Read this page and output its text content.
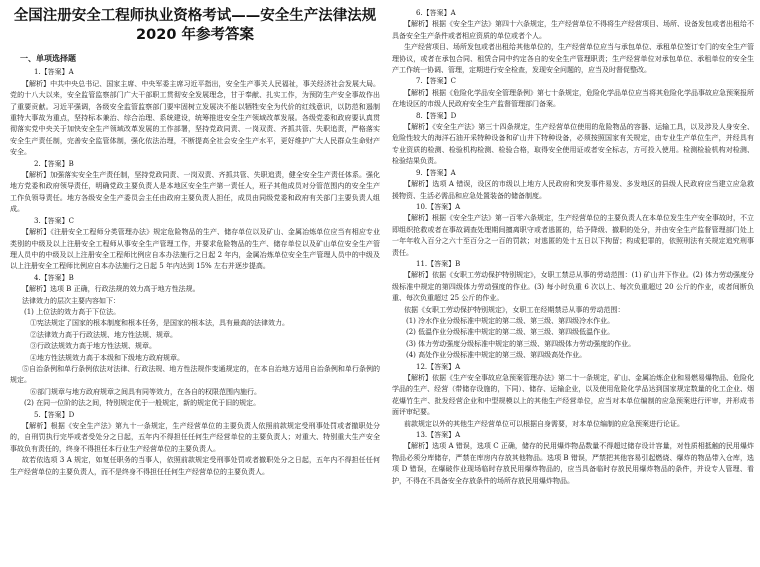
全国注册安全工程师执业资格考试——安全生产法律法规
2020 年参考答案
一、单项选择题
1.【答案】A

【解析】中共中央总书记、国家主席、中央军委主席习近平指出，安全生产事关人民福祉，事关经济社会发展大局。党的十八大以来，安全监管监察部门广大干部职工贯彻安全发展理念，甘于奉献、扎实工作，为预防生产安全事故作出了重要贡献。习近平强调，各级安全监管监察部门要牢固树立发展决不能以牺牲安全为代价的红线意识，以防范和遏制重特大事故为重点，坚持标本兼治、综合治理、系统建设，统筹推进安全生产领域改革发展。各级党委和政府要认真贯彻落实党中央关于加快安全生产领域改革发展的工作部署，坚持党政同责、一岗双责、齐抓共管、失职追责，严格落实安全生产责任制，完善安全监管体制，强化依法治理，不断提高全社会安全生产水平，更好维护广大人民群众生命财产安全。

2.【答案】B

【解析】加强落实安全生产责任制，坚持党政同责、一岗双责、齐抓共管、失职追责，健全安全生产责任体系。强化地方党委和政府领导责任，明确党政主要负责人是本地区安全生产第一责任人，班子其他成员对分管范围内的安全生产工作负领导责任。地方各级安全生产委员会主任由政府主要负责人担任，成员由同级党委和政府有关部门主要负责人组成。

3.【答案】C

【解析】《注册安全工程师分类管理办法》规定危险物品的生产、储存单位以及矿山、金属冶炼单位应当有相应专业类别的中级及以上注册安全工程师从事安全生产管理工作，并要求危险物品的生产、储存单位以及矿山单位安全生产管理人员中的中级及以上注册安全工程师比例应自本办法施行之日起 2 年内，金属冶炼单位安全生产管理人员中的中级及以上注册安全工程师比例应自本办法施行之日起 5 年内达到 15% 左右并逐步提高。

4.【答案】B

【解析】选项 B 正确，行政法规的效力高于地方性法规。

法律效力的层次主要内容如下：

(1) 上位法的效力高于下位法。

①宪法规定了国家的根本制度和根本任务，是国家的根本法，具有最高的法律效力。

②法律效力高于行政法规、地方性法规、规章。

③行政法规效力高于地方性法规、规章。

④地方性法规效力高于本级和下级地方政府规章。

⑤自治条例和单行条例依法对法律、行政法规、地方性法规作变通规定的，在本自治地方适用自治条例和单行条例的规定。

⑥部门规章与地方政府规章之间具有同等效力，在各自的权限范围内施行。

(2) 在同一位阶的法之间，特别规定优于一般规定，新的规定优于旧的规定。

5.【答案】D

【解析】根据《安全生产法》第九十一条规定，生产经营单位的主要负责人依照前款规定受刑事处罚或者撤职处分的，自刑罚执行完毕或者受处分之日起，五年内不得担任任何生产经营单位的主要负责人；对重大、特别重大生产安全事故负有责任的，终身不得担任本行业生产经营单位的主要负责人。

故若依选项 3 A 规定，如复任职务的当事人，依照前款规定受刑事处罚或者撤职处分之日起，五年内不得担任任何生产经营单位的主要负责人，而不是终身不得担任任何生产经营单位的主要负责人。

6.【答案】A

【解析】根据《安全生产法》第四十六条规定，生产经营单位不得将生产经营项目、场所、设备发包或者出租给不具备安全生产条件或者相应资质的单位或者个人。

生产经营项目、场所发包或者出租给其他单位的，生产经营单位应当与承包单位、承租单位签订专门的安全生产管理协议，或者在承包合同、租赁合同中约定各自的安全生产管理职责；生产经营单位对承包单位、承租单位的安全生产工作统一协调、管理，定期进行安全检查，发现安全问题的，应当及时督促整改。

7.【答案】C

【解析】根据《危险化学品安全管理条例》第七十条规定，危险化学品单位应当将其危险化学品事故应急预案报所在地设区的市级人民政府安全生产监督管理部门备案。

8.【答案】D

【解析】《安全生产法》第三十四条规定，生产经营单位使用的危险物品的容器、运输工具，以及涉及人身安全、危险性较大的海洋石油开采特种设备和矿山井下特种设备，必须按照国家有关规定，由专业生产单位生产，并经具有专业资质的检测、检验机构检测、检验合格，取得安全使用证或者安全标志，方可投入使用。检测检验机构对检测、检验结果负责。

9.【答案】A

【解析】选项 A 错误，设区的市级以上地方人民政府和突发事件易发、多发地区的县级人民政府应当建立应急救援物资、生活必需品和应急处置装备的储备制度。

10.【答案】A

【解析】根据《安全生产法》第一百零六条规定，生产经营单位的主要负责人在本单位发生生产安全事故时，不立即组织抢救或者在事故调查处理期间擅离职守或者逃匿的，给予降级、撤职的处分，并由安全生产监督管理部门处上一年年收入百分之六十至百分之一百的罚款；对逃匿的处十五日以下拘留；构成犯罪的，依照刑法有关规定追究刑事责任。

11.【答案】B

【解析】依据《女职工劳动保护特别规定》，女职工禁忌从事的劳动范围：(1) 矿山井下作业。(2) 体力劳动强度分级标准中规定的第四级体力劳动强度的作业。(3) 每小时负重 6 次以上、每次负重超过 20 公斤的作业，或者间断负重、每次负重超过 25 公斤的作业。

依据《女职工劳动保护特别规定》，女职工在经期禁忌从事的劳动范围：

(1) 冷水作业分级标准中规定的第二级、第三级、第四级冷水作业。

(2) 低温作业分级标准中规定的第二级、第三级、第四级低温作业。

(3) 体力劳动强度分级标准中规定的第三级、第四级体力劳动强度的作业。

(4) 高处作业分级标准中规定的第三级、第四级高处作业。

12.【答案】A

【解析】依据《生产安全事故应急预案管理办法》第二十一条规定，矿山、金属冶炼企业和易燃易爆物品、危险化学品的生产、经营（带储存设施的，下同）、储存、运输企业，以及使用危险化学品达到国家规定数量的化工企业、烟花爆竹生产、批发经营企业和中型规模以上的其他生产经营单位，应当对本单位编制的应急预案进行评审，并形成书面评审纪要。

前款规定以外的其他生产经营单位可以根据自身需要，对本单位编制的应急预案进行论证。

13.【答案】A

【解析】选项 A 错误，选项 C 正确，储存的民用爆炸物品数量不得超过储存设计容量，对性质相抵触的民用爆炸物品必须分库储存，严禁在库房内存放其他物品。选项 B 错误，严禁把其他容易引起燃烧、爆炸的物品带入仓库，选项 D 错误，在爆破作业现场临时存放民用爆炸物品的，应当具备临时存放民用爆炸物品的条件，并设专人管理、看护，不得在不具备安全存放条件的场所存放民用爆炸物品。
